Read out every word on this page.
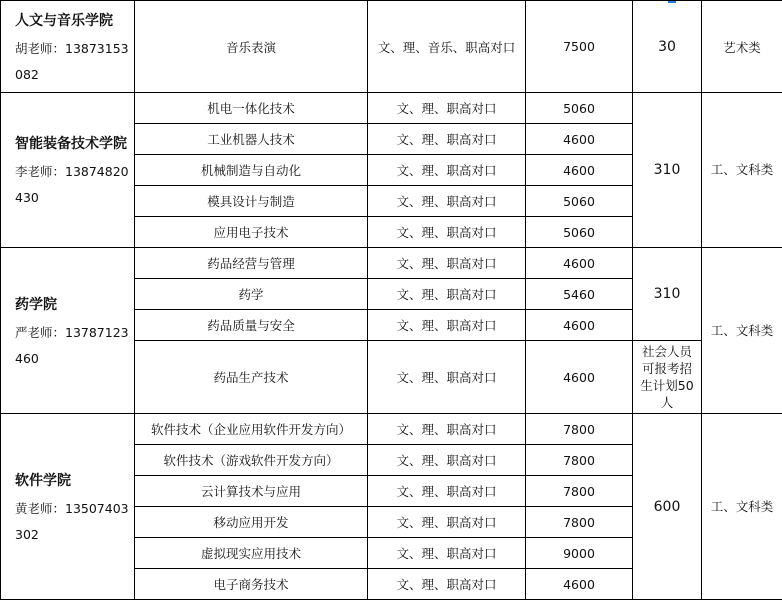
人文与音乐学院
胡老师：13873153082	音乐表演	文、理、音乐、职高对口	7500	30	艺术类

智能装备技术学院
李老师：13874820430	机电一体化技术	文、理、职高对口	5060	310	工、文科类
	工业机器人技术	文、理、职高对口	4600		
	机械制造与自动化	文、理、职高对口	4600		
	模具设计与制造	文、理、职高对口	5060		
	应用电子技术	文、理、职高对口	5060		

药学院
严老师：13787123460	药品经营与管理	文、理、职高对口	4600	310	工、文科类
	药学	文、理、职高对口	5460		
	药品质量与安全	文、理、职高对口	4600		
	药品生产技术	文、理、职高对口	4600	社会人员可报考招生计划50人	

软件学院
黄老师：13507403302	软件技术（企业应用软件开发方向）	文、理、职高对口	7800	600	工、文科类
	软件技术（游戏软件开发方向）	文、理、职高对口	7800		
	云计算技术与应用	文、理、职高对口	7800		
	移动应用开发	文、理、职高对口	7800		
	虚拟现实应用技术	文、理、职高对口	9000		
	电子商务技术	文、理、职高对口	4600		
